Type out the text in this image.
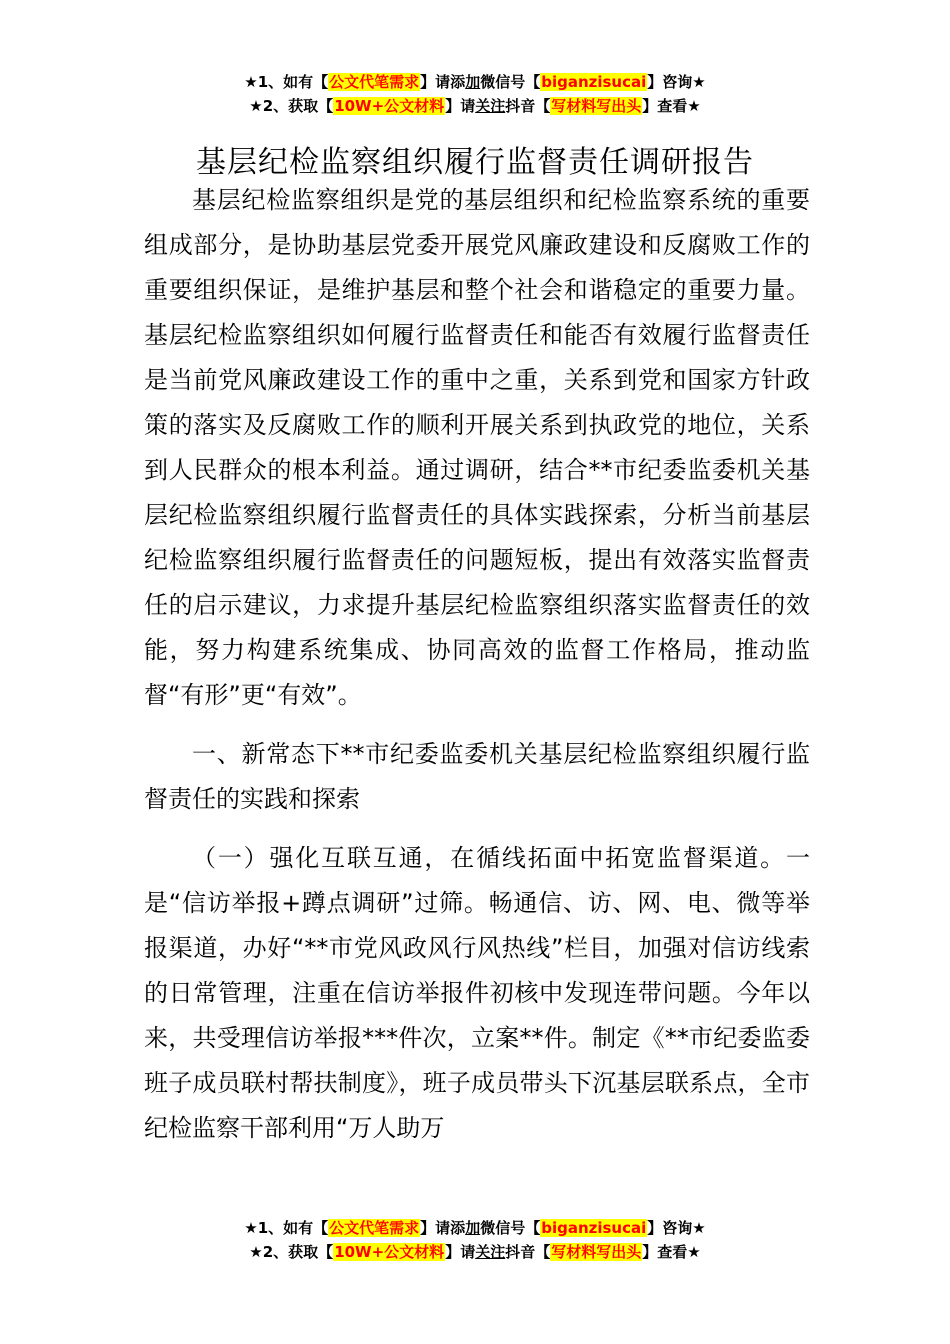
★1、如有【公文代笔需求】请添加微信号【biganzisucai】咨询★
★2、获取【10W+公文材料】请关注抖音【写材料写出头】查看★
基层纪检监察组织履行监督责任调研报告

基层纪检监察组织是党的基层组织和纪检监察系统的重要组成部分，是协助基层党委开展党风廉政建设和反腐败工作的重要组织保证，是维护基层和整个社会和谐稳定的重要力量。基层纪检监察组织如何履行监督责任和能否有效履行监督责任是当前党风廉政建设工作的重中之重，关系到党和国家方针政策的落实及反腐败工作的顺利开展关系到执政党的地位，关系到人民群众的根本利益。通过调研，结合**市纪委监委机关基层纪检监察组织履行监督责任的具体实践探索，分析当前基层纪检监察组织履行监督责任的问题短板，提出有效落实监督责任的启示建议，力求提升基层纪检监察组织落实监督责任的效能，努力构建系统集成、协同高效的监督工作格局，推动监督“有形”更“有效”。

一、新常态下**市纪委监委机关基层纪检监察组织履行监督责任的实践和探索

（一）强化互联互通，在循线拓面中拓宽监督渠道。一是“信访举报+蹲点调研”过筛。畅通信、访、网、电、微等举报渠道，办好“**市党风政风行风热线”栏目，加强对信访线索的日常管理，注重在信访举报件初核中发现连带问题。今年以来，共受理信访举报***件次，立案**件。制定《**市纪委监委班子成员联村帮扶制度》，班子成员带头下沉基层联系点，全市纪检监察干部利用“万人助万

★1、如有【公文代笔需求】请添加微信号【biganzisucai】咨询★
★2、获取【10W+公文材料】请关注抖音【写材料写出头】查看★
